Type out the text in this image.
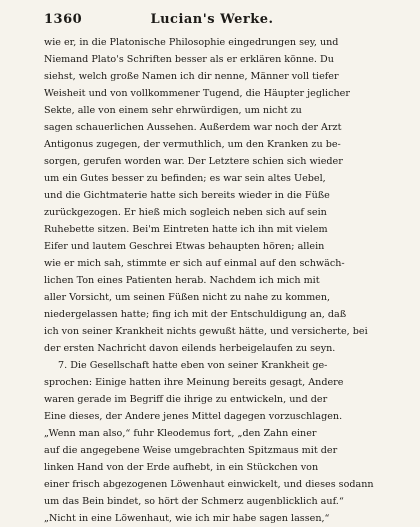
1360	Lucian's Werke.
wie er, in die Platonische Philosophie eingedrungen sey, und
Niemand Plato's Schriften besser als er erklären könne. Du
siehst, welch große Namen ich dir nenne, Männer voll tiefer
Weisheit und von vollkommener Tugend, die Häupter jeglicher
Sekte, alle von einem sehr ehrwürdigen, um nicht zu
sagen schauerlichen Aussehen. Außerdem war noch der Arzt
Antigonus zugegen, der vermuthlich, um den Kranken zu be-
sorgen, gerufen worden war. Der Letztere schien sich wieder
um ein Gutes besser zu befinden; es war sein altes Uebel,
und die Gichtmaterie hatte sich bereits wieder in die Füße
zurückgezogen. Er hieß mich sogleich neben sich auf sein
Ruhebette sitzen. Bei'm Eintreten hatte ich ihn mit vielem
Eifer und lautem Geschrei Etwas behaupten hören; allein
wie er mich sah, stimmte er sich auf einmal auf den schwäch-
lichen Ton eines Patienten herab. Nachdem ich mich mit
aller Vorsicht, um seinen Füßen nicht zu nahe zu kommen,
niedergelassen hatte; fing ich mit der Entschuldigung an, daß
ich von seiner Krankheit nichts gewußt hätte, und versicherte, bei
der ersten Nachricht davon eilends herbeigelaufen zu seyn.
7. Die Gesellschaft hatte eben von seiner Krankheit ge-
sprochen: Einige hatten ihre Meinung bereits gesagt, Andere
waren gerade im Begriff die ihrige zu entwickeln, und der
Eine dieses, der Andere jenes Mittel dagegen vorzuschlagen.
„Wenn man also,“ fuhr Kleodemus fort, „den Zahn einer
auf die angegebene Weise umgebrachten Spitzmaus mit der
linken Hand von der Erde aufhebt, in ein Stückchen von
einer frisch abgezogenen Löwenhaut einwickelt, und dieses sodann
um das Bein bindet, so hört der Schmerz augenblicklich auf.“
„Nicht in eine Löwenhaut, wie ich mir habe sagen lassen,“
